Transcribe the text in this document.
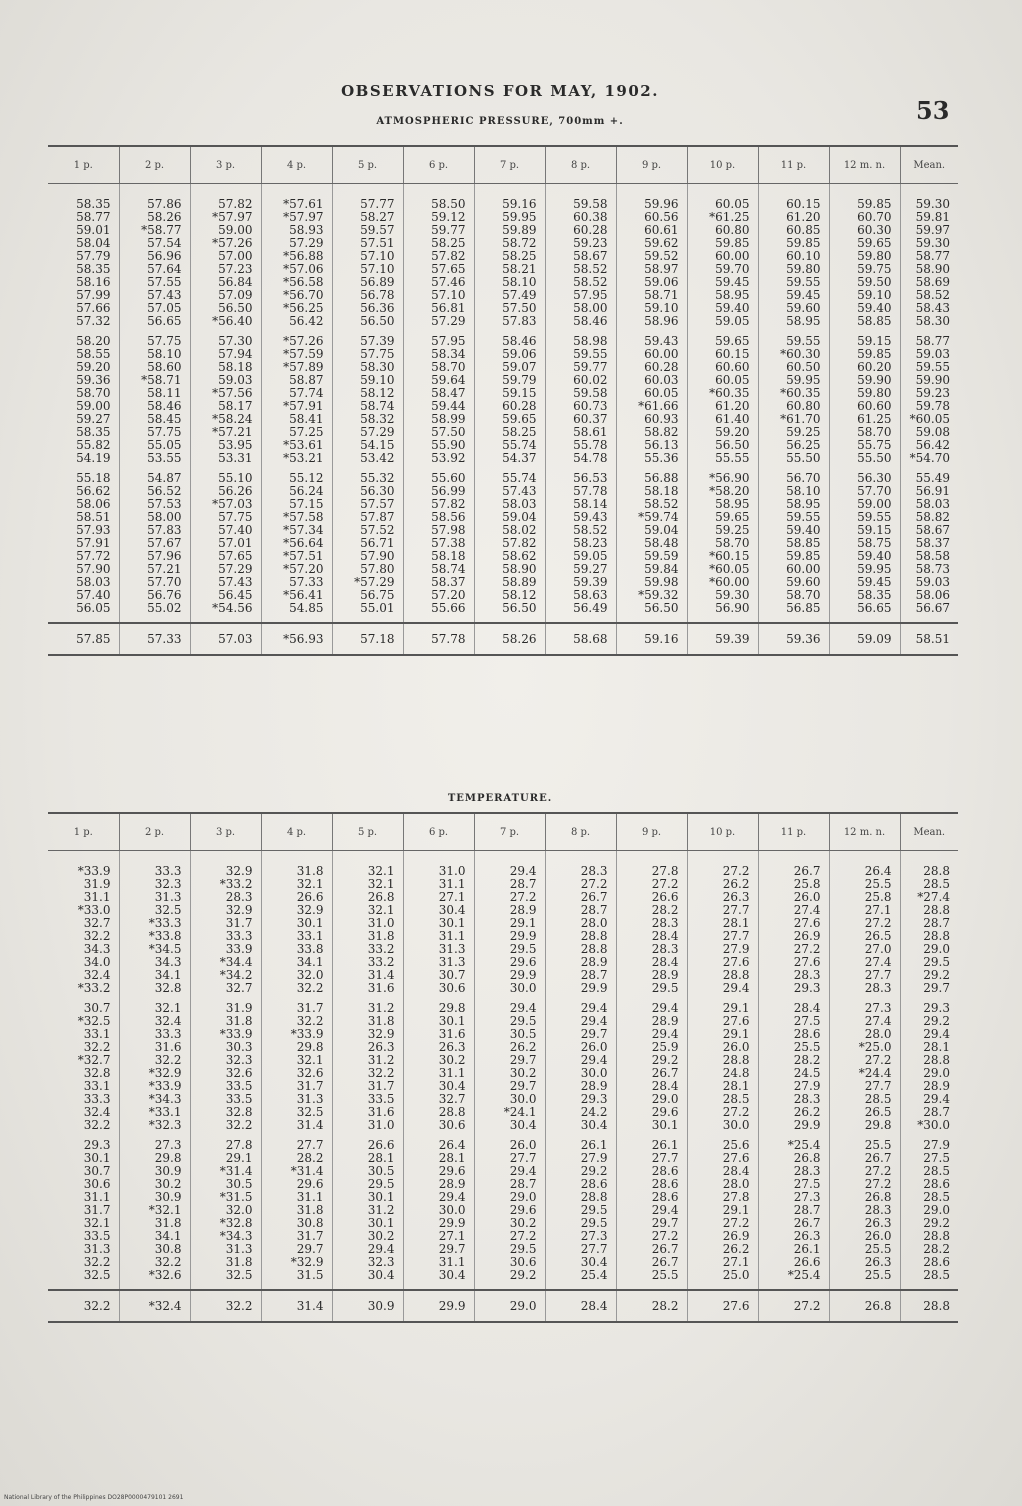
OBSERVATIONS FOR MAY, 1902.
53
ATMOSPHERIC PRESSURE, 700mm +.
1 p.	2 p.	3 p.	4 p.	5 p.	6 p.	7 p.	8 p.	9 p.	10 p.	11 p.	12 m. n.	Mean.

58.35	57.86	57.82	*57.61	57.77	58.50	59.16	59.58	59.96	60.05	60.15	59.85	59.30
58.77	58.26	*57.97	*57.97	58.27	59.12	59.95	60.38	60.56	*61.25	61.20	60.70	59.81
59.01	*58.77	59.00	58.93	59.57	59.77	59.89	60.28	60.61	60.80	60.85	60.30	59.97
58.04	57.54	*57.26	57.29	57.51	58.25	58.72	59.23	59.62	59.85	59.85	59.65	59.30
57.79	56.96	57.00	*56.88	57.10	57.82	58.25	58.67	59.52	60.00	60.10	59.80	58.77
58.35	57.64	57.23	*57.06	57.10	57.65	58.21	58.52	58.97	59.70	59.80	59.75	58.90
58.16	57.55	56.84	*56.58	56.89	57.46	58.10	58.52	59.06	59.45	59.55	59.50	58.69
57.99	57.43	57.09	*56.70	56.78	57.10	57.49	57.95	58.71	58.95	59.45	59.10	58.52
57.66	57.05	56.50	*56.25	56.36	56.81	57.50	58.00	59.10	59.40	59.60	59.40	58.43
57.32	56.65	*56.40	56.42	56.50	57.29	57.83	58.46	58.96	59.05	58.95	58.85	58.30

58.20	57.75	57.30	*57.26	57.39	57.95	58.46	58.98	59.43	59.65	59.55	59.15	58.77
58.55	58.10	57.94	*57.59	57.75	58.34	59.06	59.55	60.00	60.15	*60.30	59.85	59.03
59.20	58.60	58.18	*57.89	58.30	58.70	59.07	59.77	60.28	60.60	60.50	60.20	59.55
59.36	*58.71	59.03	58.87	59.10	59.64	59.79	60.02	60.03	60.05	59.95	59.90	59.90
58.70	58.11	*57.56	57.74	58.12	58.47	59.15	59.58	60.05	*60.35	*60.35	59.80	59.23
59.00	58.46	58.17	*57.91	58.74	59.44	60.28	60.73	*61.66	61.20	60.80	60.60	59.78
59.27	58.45	*58.24	58.41	58.32	58.99	59.65	60.37	60.93	61.40	*61.70	61.25	*60.05
58.35	57.75	*57.21	57.25	57.29	57.50	58.25	58.61	58.82	59.20	59.25	58.70	59.08
55.82	55.05	53.95	*53.61	54.15	55.90	55.74	55.78	56.13	56.50	56.25	55.75	56.42
54.19	53.55	53.31	*53.21	53.42	53.92	54.37	54.78	55.36	55.55	55.50	55.50	*54.70

55.18	54.87	55.10	55.12	55.32	55.60	55.74	56.53	56.88	*56.90	56.70	56.30	55.49
56.62	56.52	56.26	56.24	56.30	56.99	57.43	57.78	58.18	*58.20	58.10	57.70	56.91
58.06	57.53	*57.03	57.15	57.57	57.82	58.03	58.14	58.52	58.95	58.95	59.00	58.03
58.51	58.00	57.75	*57.58	57.87	58.56	59.04	59.43	*59.74	59.65	59.55	59.55	58.82
57.93	57.83	57.40	*57.34	57.52	57.98	58.02	58.52	59.04	59.25	59.40	59.15	58.67
57.91	57.67	57.01	*56.64	56.71	57.38	57.82	58.23	58.48	58.70	58.85	58.75	58.37
57.72	57.96	57.65	*57.51	57.90	58.18	58.62	59.05	59.59	*60.15	59.85	59.40	58.58
57.90	57.21	57.29	*57.20	57.80	58.74	58.90	59.27	59.84	*60.05	60.00	59.95	58.73
58.03	57.70	57.43	57.33	*57.29	58.37	58.89	59.39	59.98	*60.00	59.60	59.45	59.03
57.40	56.76	56.45	*56.41	56.75	57.20	58.12	58.63	*59.32	59.30	58.70	58.35	58.06
56.05	55.02	*54.56	54.85	55.01	55.66	56.50	56.49	56.50	56.90	56.85	56.65	56.67

57.85	57.33	57.03	*56.93	57.18	57.78	58.26	58.68	59.16	59.39	59.36	59.09	58.51
TEMPERATURE.
1 p.	2 p.	3 p.	4 p.	5 p.	6 p.	7 p.	8 p.	9 p.	10 p.	11 p.	12 m. n.	Mean.

*33.9	33.3	32.9	31.8	32.1	31.0	29.4	28.3	27.8	27.2	26.7	26.4	28.8
31.9	32.3	*33.2	32.1	32.1	31.1	28.7	27.2	27.2	26.2	25.8	25.5	28.5
31.1	31.3	28.3	26.6	26.8	27.1	27.2	26.7	26.6	26.3	26.0	25.8	*27.4
*33.0	32.5	32.9	32.9	32.1	30.4	28.9	28.7	28.2	27.7	27.4	27.1	28.8
32.7	*33.3	31.7	30.1	31.0	30.1	29.1	28.0	28.3	28.1	27.6	27.2	28.7
32.2	*33.8	33.3	33.1	31.8	31.1	29.9	28.8	28.4	27.7	26.9	26.5	28.8
34.3	*34.5	33.9	33.8	33.2	31.3	29.5	28.8	28.3	27.9	27.2	27.0	29.0
34.0	34.3	*34.4	34.1	33.2	31.3	29.6	28.9	28.4	27.6	27.6	27.4	29.5
32.4	34.1	*34.2	32.0	31.4	30.7	29.9	28.7	28.9	28.8	28.3	27.7	29.2
*33.2	32.8	32.7	32.2	31.6	30.6	30.0	29.9	29.5	29.4	29.3	28.3	29.7

30.7	32.1	31.9	31.7	31.2	29.8	29.4	29.4	29.4	29.1	28.4	27.3	29.3
*32.5	32.4	31.8	32.2	31.8	30.1	29.5	29.4	28.9	27.6	27.5	27.4	29.2
33.1	33.3	*33.9	*33.9	32.9	31.6	30.5	29.7	29.4	29.1	28.6	28.0	29.4
32.2	31.6	30.3	29.8	26.3	26.3	26.2	26.0	25.9	26.0	25.5	*25.0	28.1
*32.7	32.2	32.3	32.1	31.2	30.2	29.7	29.4	29.2	28.8	28.2	27.2	28.8
32.8	*32.9	32.6	32.6	32.2	31.1	30.2	30.0	26.7	24.8	24.5	*24.4	29.0
33.1	*33.9	33.5	31.7	31.7	30.4	29.7	28.9	28.4	28.1	27.9	27.7	28.9
33.3	*34.3	33.5	31.3	33.5	32.7	30.0	29.3	29.0	28.5	28.3	28.5	29.4
32.4	*33.1	32.8	32.5	31.6	28.8	*24.1	24.2	29.6	27.2	26.2	26.5	28.7
32.2	*32.3	32.2	31.4	31.0	30.6	30.4	30.4	30.1	30.0	29.9	29.8	*30.0

29.3	27.3	27.8	27.7	26.6	26.4	26.0	26.1	26.1	25.6	*25.4	25.5	27.9
30.1	29.8	29.1	28.2	28.1	28.1	27.7	27.9	27.7	27.6	26.8	26.7	27.5
30.7	30.9	*31.4	*31.4	30.5	29.6	29.4	29.2	28.6	28.4	28.3	27.2	28.5
30.6	30.2	30.5	29.6	29.5	28.9	28.7	28.6	28.6	28.0	27.5	27.2	28.6
31.1	30.9	*31.5	31.1	30.1	29.4	29.0	28.8	28.6	27.8	27.3	26.8	28.5
31.7	*32.1	32.0	31.8	31.2	30.0	29.6	29.5	29.4	29.1	28.7	28.3	29.0
32.1	31.8	*32.8	30.8	30.1	29.9	30.2	29.5	29.7	27.2	26.7	26.3	29.2
33.5	34.1	*34.3	31.7	30.2	27.1	27.2	27.3	27.2	26.9	26.3	26.0	28.8
31.3	30.8	31.3	29.7	29.4	29.7	29.5	27.7	26.7	26.2	26.1	25.5	28.2
32.2	32.2	31.8	*32.9	32.3	31.1	30.6	30.4	26.7	27.1	26.6	26.3	28.6
32.5	*32.6	32.5	31.5	30.4	30.4	29.2	25.4	25.5	25.0	*25.4	25.5	28.5

32.2	*32.4	32.2	31.4	30.9	29.9	29.0	28.4	28.2	27.6	27.2	26.8	28.8
National Library of the Philippines DO28P0000479101 2691
